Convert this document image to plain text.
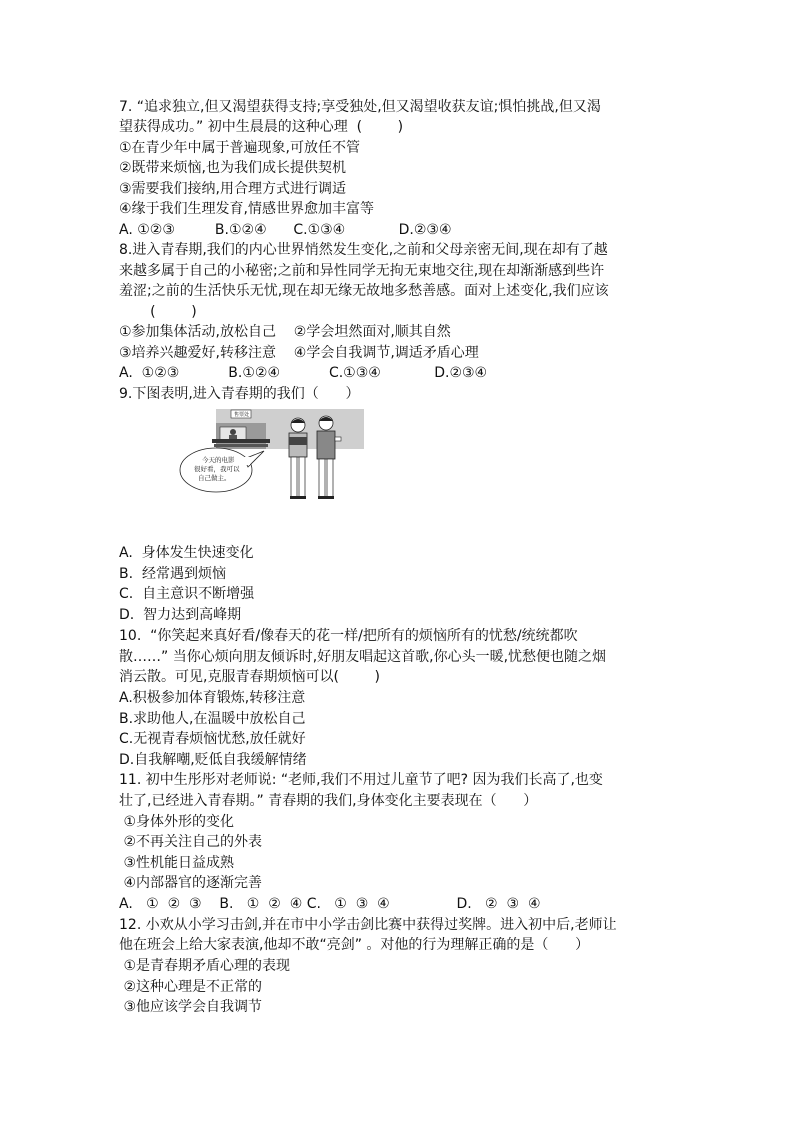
7. “追求独立,但又渴望获得支持;享受独处,但又渴望收获友谊;惧怕挑战,但又渴
望获得成功。” 初中生晨晨的这种心理  (        )
①在青少年中属于普遍现象,可放任不管
②既带来烦恼,也为我们成长提供契机
③需要我们接纳,用合理方式进行调适
④缘于我们生理发育,情感世界愈加丰富等
A. ①②③         B.①②④      C.①③④            D.②③④
8.进入青春期,我们的内心世界悄然发生变化,之前和父母亲密无间,现在却有了越
来越多属于自己的小秘密;之前和异性同学无拘无束地交往,现在却渐渐感到些许
羞涩;之前的生活快乐无忧,现在却无缘无故地多愁善感。面对上述变化,我们应该
(        )
①参加集体活动,放松自己    ②学会坦然面对,顺其自然
③培养兴趣爱好,转移注意    ④学会自我调节,调适矛盾心理
A.  ①②③           B.①②④           C.①③④            D.②③④
9.下图表明,进入青春期的我们（      ）
售票处
今天的电影
很好看，我可以
自己做主。
A.  身体发生快速变化
B.  经常遇到烦恼
C.  自主意识不断增强
D.  智力达到高峰期
10.  “你笑起来真好看/像春天的花一样/把所有的烦恼所有的忧愁/统统都吹
散……” 当你心烦向朋友倾诉时,好朋友唱起这首歌,你心头一暖,忧愁便也随之烟
消云散。可见,克服青春期烦恼可以(        )
A.积极参加体育锻炼,转移注意
B.求助他人,在温暖中放松自己
C.无视青春烦恼忧愁,放任就好
D.自我解嘲,贬低自我缓解情绪
11. 初中生彤彤对老师说: “老师,我们不用过儿童节了吧? 因为我们长高了,也变
壮了,已经进入青春期。” 青春期的我们,身体变化主要表现在（      ）
①身体外形的变化
②不再关注自己的外表
③性机能日益成熟
④内部器官的逐渐完善
A.   ①  ②  ③    B.   ①  ②  ④ C.   ①  ③  ④               D.   ②  ③  ④
12. 小欢从小学习击剑,并在市中小学击剑比赛中获得过奖牌。进入初中后,老师让
他在班会上给大家表演,他却不敢“亮剑” 。对他的行为理解正确的是（      ）
①是青春期矛盾心理的表现
②这种心理是不正常的
③他应该学会自我调节
